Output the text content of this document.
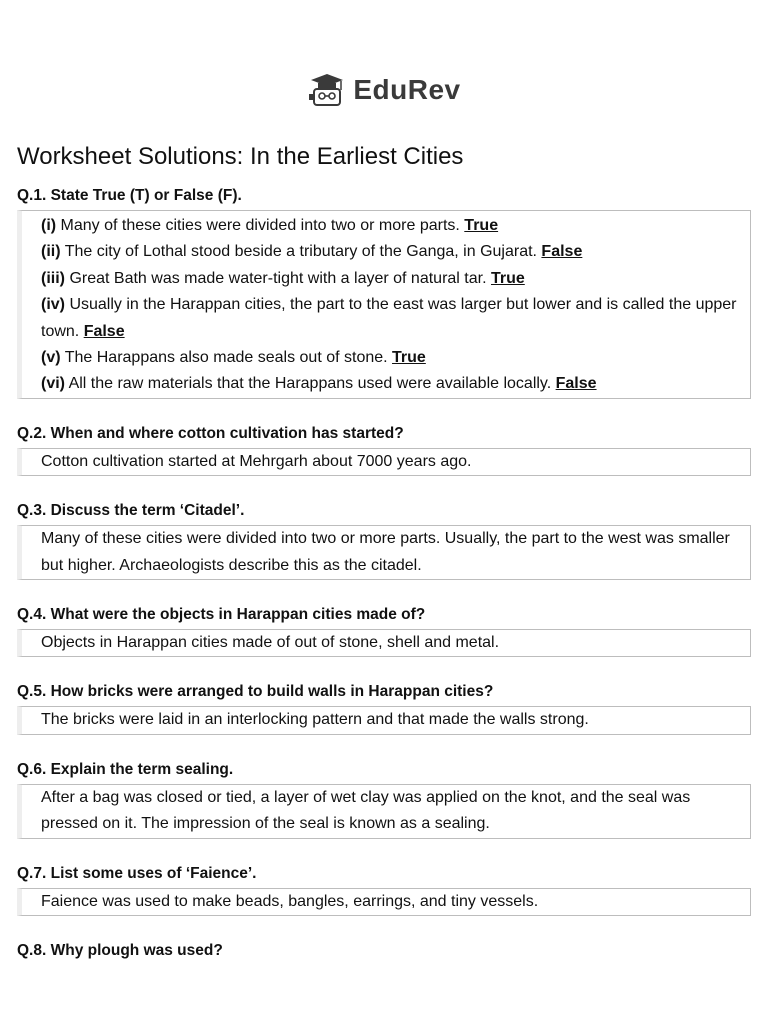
EduRev
Worksheet Solutions: In the Earliest Cities
Q.1. State True (T) or False (F).

(i) Many of these cities were divided into two or more parts. True

(ii) The city of Lothal stood beside a tributary of the Ganga, in Gujarat. False

(iii) Great Bath was made water-tight with a layer of natural tar. True

(iv) Usually in the Harappan cities, the part to the east was larger but lower and is called the upper town. False

(v) The Harappans also made seals out of stone. True

(vi) All the raw materials that the Harappans used were available locally. False

Q.2. When and where cotton cultivation has started?

Cotton cultivation started at Mehrgarh about 7000 years ago.

Q.3. Discuss the term ‘Citadel’.

Many of these cities were divided into two or more parts. Usually, the part to the west was smaller but higher. Archaeologists describe this as the citadel.

Q.4. What were the objects in Harappan cities made of?

Objects in Harappan cities made of out of stone, shell and metal.

Q.5. How bricks were arranged to build walls in Harappan cities?

The bricks were laid in an interlocking pattern and that made the walls strong.

Q.6. Explain the term sealing.

After a bag was closed or tied, a layer of wet clay was applied on the knot, and the seal was pressed on it. The impression of the seal is known as a sealing.

Q.7. List some uses of ‘Faience’.

Faience was used to make beads, bangles, earrings, and tiny vessels.

Q.8. Why plough was used?
